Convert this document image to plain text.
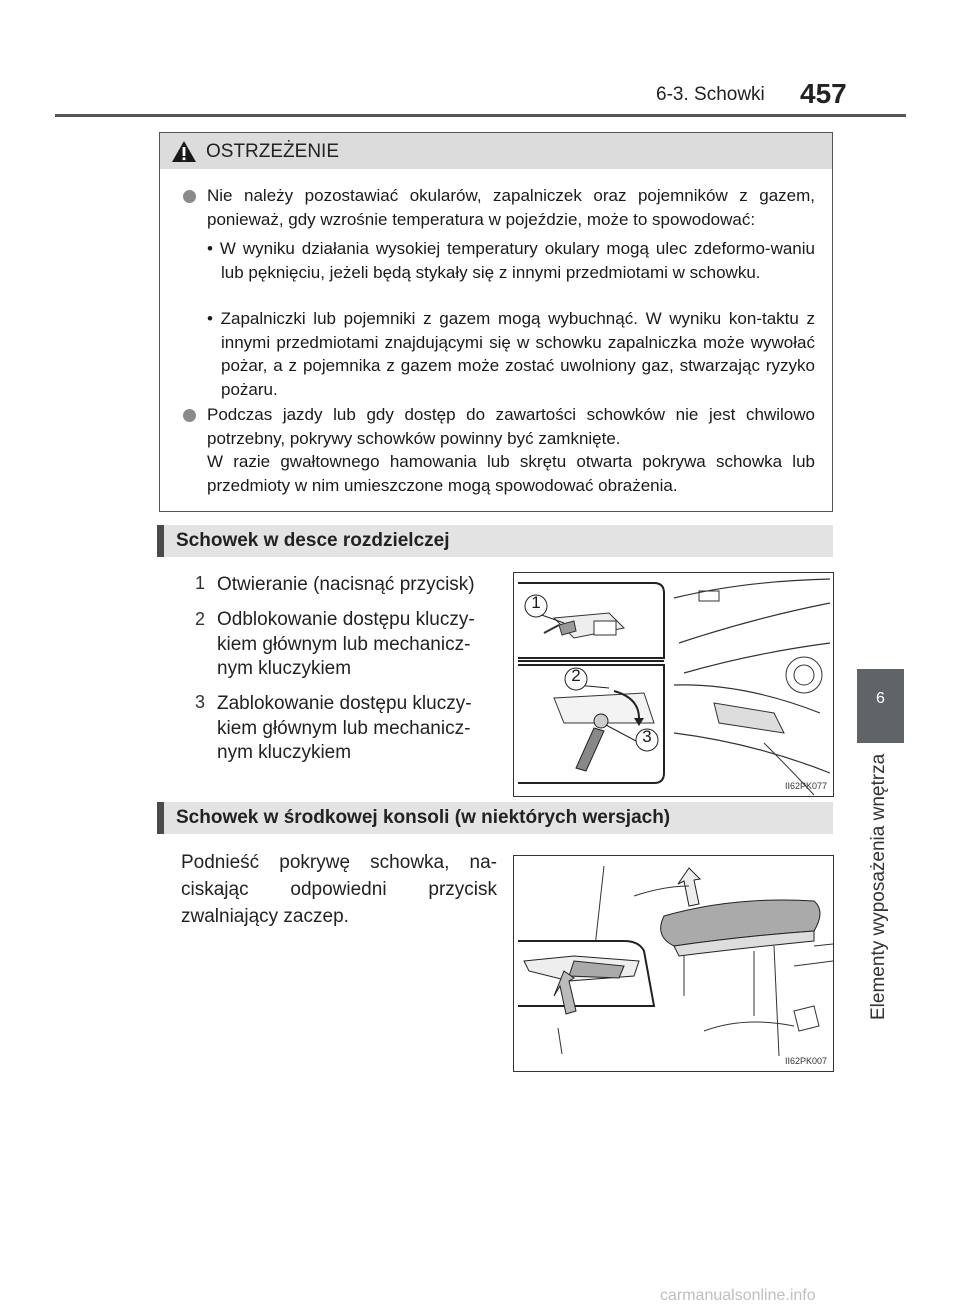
6-3. Schowki 457
6
Elementy wyposażenia wnętrza
OSTRZEŻENIE
Nie należy pozostawiać okularów, zapalniczek oraz pojemników z gazem, ponieważ, gdy wzrośnie temperatura w pojeździe, może to spowodować:
• W wyniku działania wysokiej temperatury okulary mogą ulec zdeformo-waniu lub pęknięciu, jeżeli będą stykały się z innymi przedmiotami w schowku.
• Zapalniczki lub pojemniki z gazem mogą wybuchnąć. W wyniku kon-taktu z innymi przedmiotami znajdującymi się w schowku zapalniczka może wywołać pożar, a z pojemnika z gazem może zostać uwolniony gaz, stwarzając ryzyko pożaru.
Podczas jazdy lub gdy dostęp do zawartości schowków nie jest chwilowo potrzebny, pokrywy schowków powinny być zamknięte.
W razie gwałtownego hamowania lub skrętu otwarta pokrywa schowka lub przedmioty w nim umieszczone mogą spowodować obrażenia.
Schowek w desce rozdzielczej
1 Otwieranie (nacisnąć przycisk)
2 Odblokowanie dostępu kluczy-kiem głównym lub mechanicz-nym kluczykiem
3 Zablokowanie dostępu kluczy-kiem głównym lub mechanicz-nym kluczykiem
1
2
3
II62PK077
Schowek w środkowej konsoli (w niektórych wersjach)
Podnieść pokrywę schowka, na-ciskając odpowiedni przycisk zwalniający zaczep.
II62PK007
carmanualsonline.info
